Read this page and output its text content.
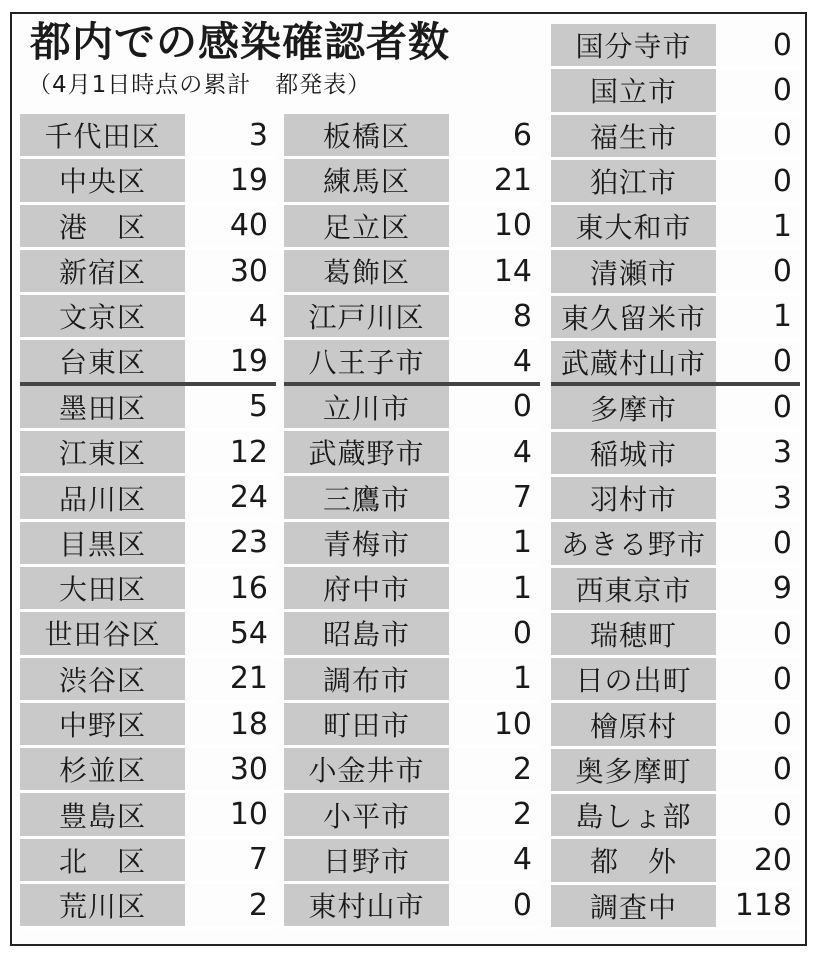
都内での感染確認者数
（4月1日時点の累計　都発表）
千代田区	3
中央区	19
港　区	40
新宿区	30
文京区	4
台東区	19
墨田区	5
江東区	12
品川区	24
目黒区	23
大田区	16
世田谷区	54
渋谷区	21
中野区	18
杉並区	30
豊島区	10
北　区	7
荒川区	2
板橋区	6
練馬区	21
足立区	10
葛飾区	14
江戸川区	8
八王子市	4
立川市	0
武蔵野市	4
三鷹市	7
青梅市	1
府中市	1
昭島市	0
調布市	1
町田市	10
小金井市	2
小平市	2
日野市	4
東村山市	0
国分寺市	0
国立市	0
福生市	0
狛江市	0
東大和市	1
清瀬市	0
東久留米市	1
武蔵村山市	0
多摩市	0
稲城市	3
羽村市	3
あきる野市	0
西東京市	9
瑞穂町	0
日の出町	0
檜原村	0
奥多摩町	0
島しょ部	0
都　外	20
調査中	118
